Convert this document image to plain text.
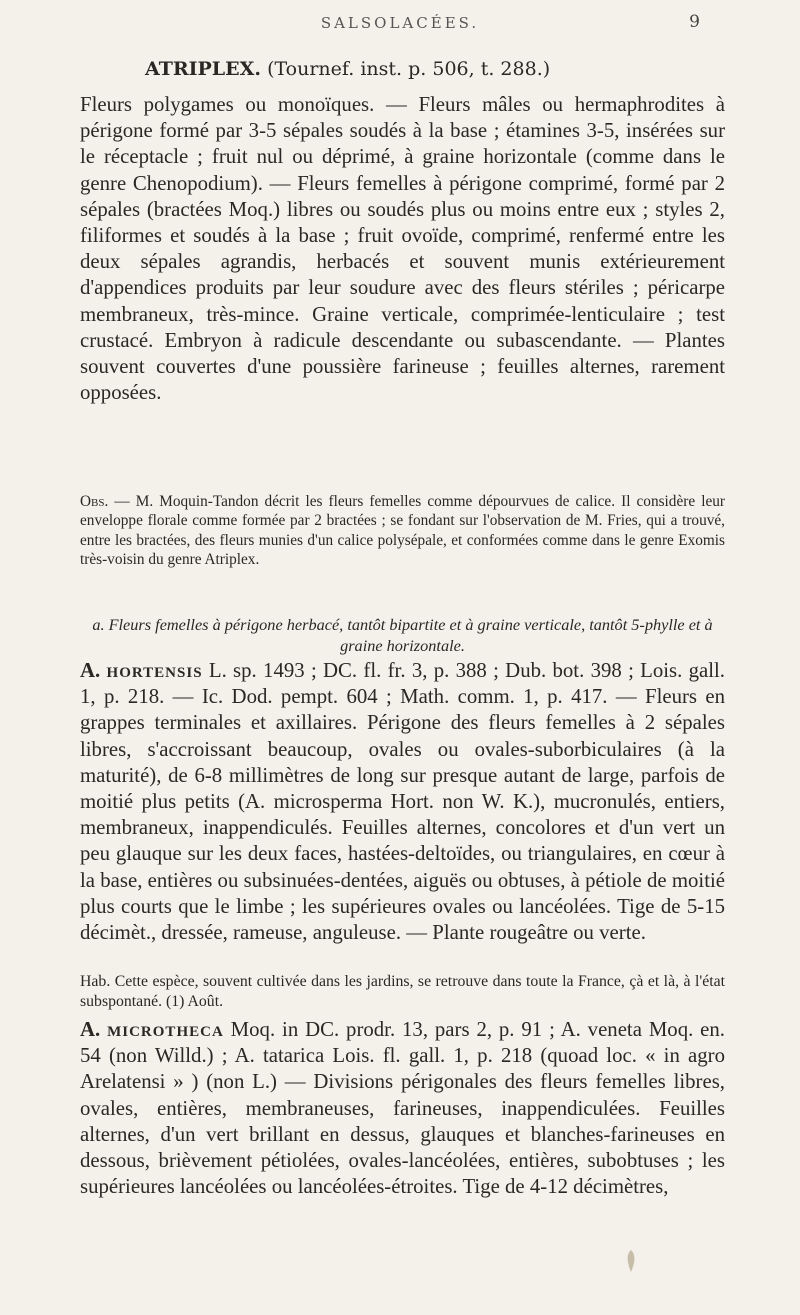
SALSOLACÉES.	9
ATRIPLEX. (Tournef. inst. p. 506, t. 288.)
Fleurs polygames ou monoïques. — Fleurs mâles ou hermaphrodites à périgone formé par 3-5 sépales soudés à la base ; étamines 3-5, insérées sur le réceptacle ; fruit nul ou déprimé, à graine horizontale (comme dans le genre Chenopodium). — Fleurs femelles à périgone comprimé, formé par 2 sépales (bractées Moq.) libres ou soudés plus ou moins entre eux ; styles 2, filiformes et soudés à la base ; fruit ovoïde, comprimé, renfermé entre les deux sépales agrandis, herbacés et souvent munis extérieurement d'appendices produits par leur soudure avec des fleurs stériles ; péricarpe membraneux, très-mince. Graine verticale, comprimée-lenticulaire ; test crustacé. Embryon à radicule descendante ou subascendante. — Plantes souvent couvertes d'une poussière farineuse ; feuilles alternes, rarement opposées.
Obs. — M. Moquin-Tandon décrit les fleurs femelles comme dépourvues de calice. Il considère leur enveloppe florale comme formée par 2 bractées ; se fondant sur l'observation de M. Fries, qui a trouvé, entre les bractées, des fleurs munies d'un calice polysépale, et conformées comme dans le genre Exomis très-voisin du genre Atriplex.
a. Fleurs femelles à périgone herbacé, tantôt bipartite et à graine verticale, tantôt 5-phylle et à graine horizontale.
A. hortensis L. sp. 1493 ; DC. fl. fr. 3, p. 388 ; Dub. bot. 398 ; Lois. gall. 1, p. 218. — Ic. Dod. pempt. 604 ; Math. comm. 1, p. 417. — Fleurs en grappes terminales et axillaires. Périgone des fleurs femelles à 2 sépales libres, s'accroissant beaucoup, ovales ou ovales-suborbiculaires (à la maturité), de 6-8 millimètres de long sur presque autant de large, parfois de moitié plus petits (A. microsperma Hort. non W. K.), mucronulés, entiers, membraneux, inappendiculés. Feuilles alternes, concolores et d'un vert un peu glauque sur les deux faces, hastées-deltoïdes, ou triangulaires, en cœur à la base, entières ou subsinuées-dentées, aiguës ou obtuses, à pétiole de moitié plus courts que le limbe ; les supérieures ovales ou lancéolées. Tige de 5-15 décimèt., dressée, rameuse, anguleuse. — Plante rougeâtre ou verte.
Hab. Cette espèce, souvent cultivée dans les jardins, se retrouve dans toute la France, çà et là, à l'état subspontané. (1) Août.
A. microtheca Moq. in DC. prodr. 13, pars 2, p. 91 ; A. veneta Moq. en. 54 (non Willd.) ; A. tatarica Lois. fl. gall. 1, p. 218 (quoad loc. « in agro Arelatensi » ) (non L.) — Divisions périgonales des fleurs femelles libres, ovales, entières, membraneuses, farineuses, inappendiculées. Feuilles alternes, d'un vert brillant en dessus, glauques et blanches-farineuses en dessous, brièvement pétiolées, ovales-lancéolées, entières, subobtuses ; les supérieures lancéolées ou lancéolées-étroites. Tige de 4-12 décimètres,
